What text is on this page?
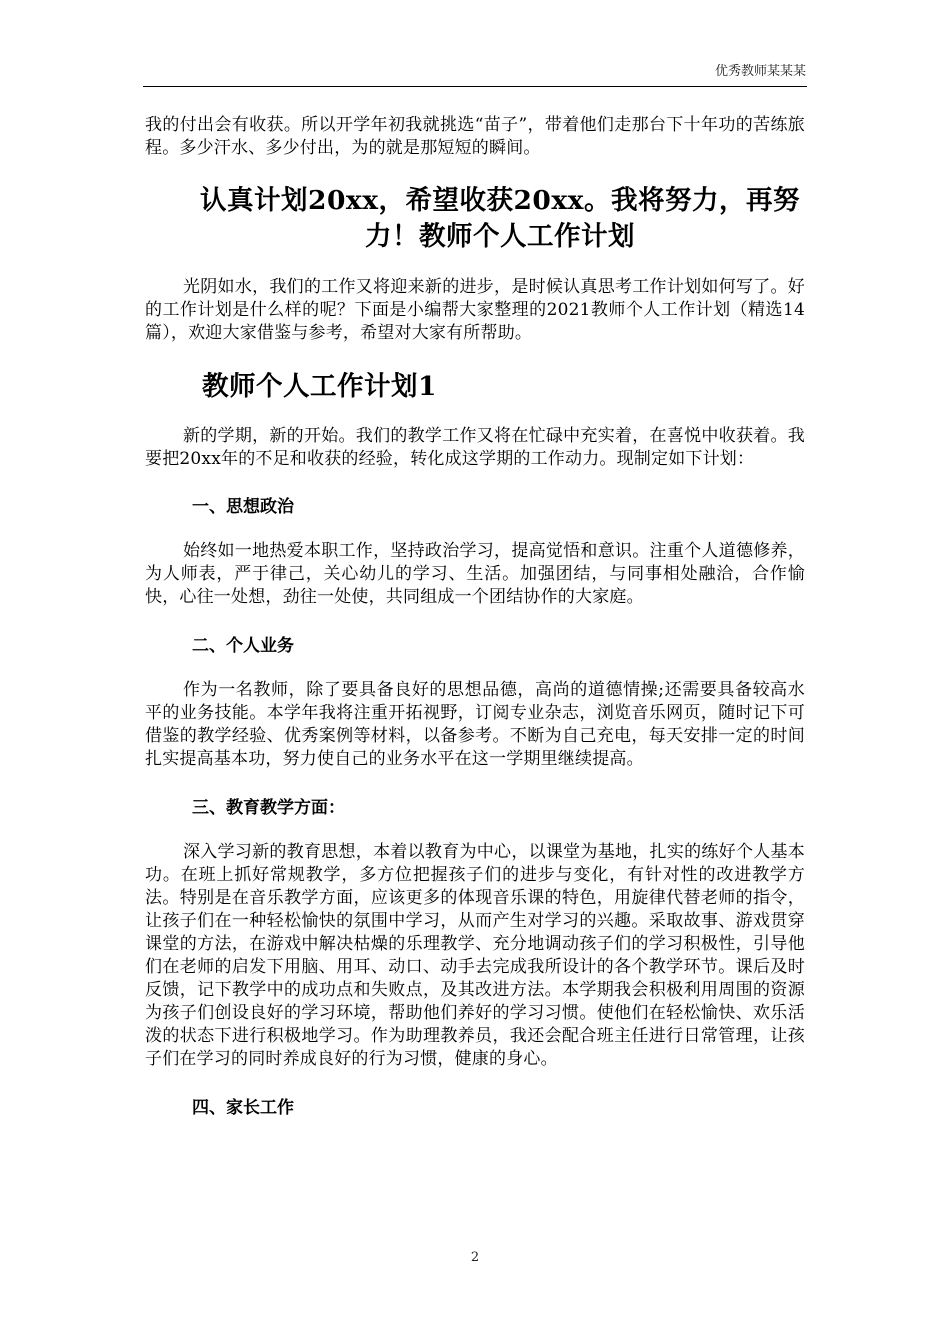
优秀教师某某某

我的付出会有收获。所以开学年初我就挑选“苗子”，带着他们走那台下十年功的苦练旅程。多少汗水、多少付出，为的就是那短短的瞬间。

认真计划20xx，希望收获20xx。我将努力，再努力！教师个人工作计划

光阴如水，我们的工作又将迎来新的进步，是时候认真思考工作计划如何写了。好的工作计划是什么样的呢？下面是小编帮大家整理的2021教师个人工作计划（精选14篇），欢迎大家借鉴与参考，希望对大家有所帮助。

教师个人工作计划1

新的学期，新的开始。我们的教学工作又将在忙碌中充实着，在喜悦中收获着。我要把20xx年的不足和收获的经验，转化成这学期的工作动力。现制定如下计划：

一、思想政治

始终如一地热爱本职工作，坚持政治学习，提高觉悟和意识。注重个人道德修养，为人师表，严于律己，关心幼儿的学习、生活。加强团结，与同事相处融洽，合作愉快，心往一处想，劲往一处使，共同组成一个团结协作的大家庭。

二、个人业务

作为一名教师，除了要具备良好的思想品德，高尚的道德情操;还需要具备较高水平的业务技能。本学年我将注重开拓视野，订阅专业杂志，浏览音乐网页，随时记下可借鉴的教学经验、优秀案例等材料，以备参考。不断为自己充电，每天安排一定的时间扎实提高基本功，努力使自己的业务水平在这一学期里继续提高。

三、教育教学方面：

深入学习新的教育思想，本着以教育为中心，以课堂为基地，扎实的练好个人基本功。在班上抓好常规教学，多方位把握孩子们的进步与变化，有针对性的改进教学方法。特别是在音乐教学方面，应该更多的体现音乐课的特色，用旋律代替老师的指令，让孩子们在一种轻松愉快的氛围中学习，从而产生对学习的兴趣。采取故事、游戏贯穿课堂的方法，在游戏中解决枯燥的乐理教学、充分地调动孩子们的学习积极性，引导他们在老师的启发下用脑、用耳、动口、动手去完成我所设计的各个教学环节。课后及时反馈，记下教学中的成功点和失败点，及其改进方法。本学期我会积极利用周围的资源为孩子们创设良好的学习环境，帮助他们养好的学习习惯。使他们在轻松愉快、欢乐活泼的状态下进行积极地学习。作为助理教养员，我还会配合班主任进行日常管理，让孩子们在学习的同时养成良好的行为习惯，健康的身心。

四、家长工作
2
